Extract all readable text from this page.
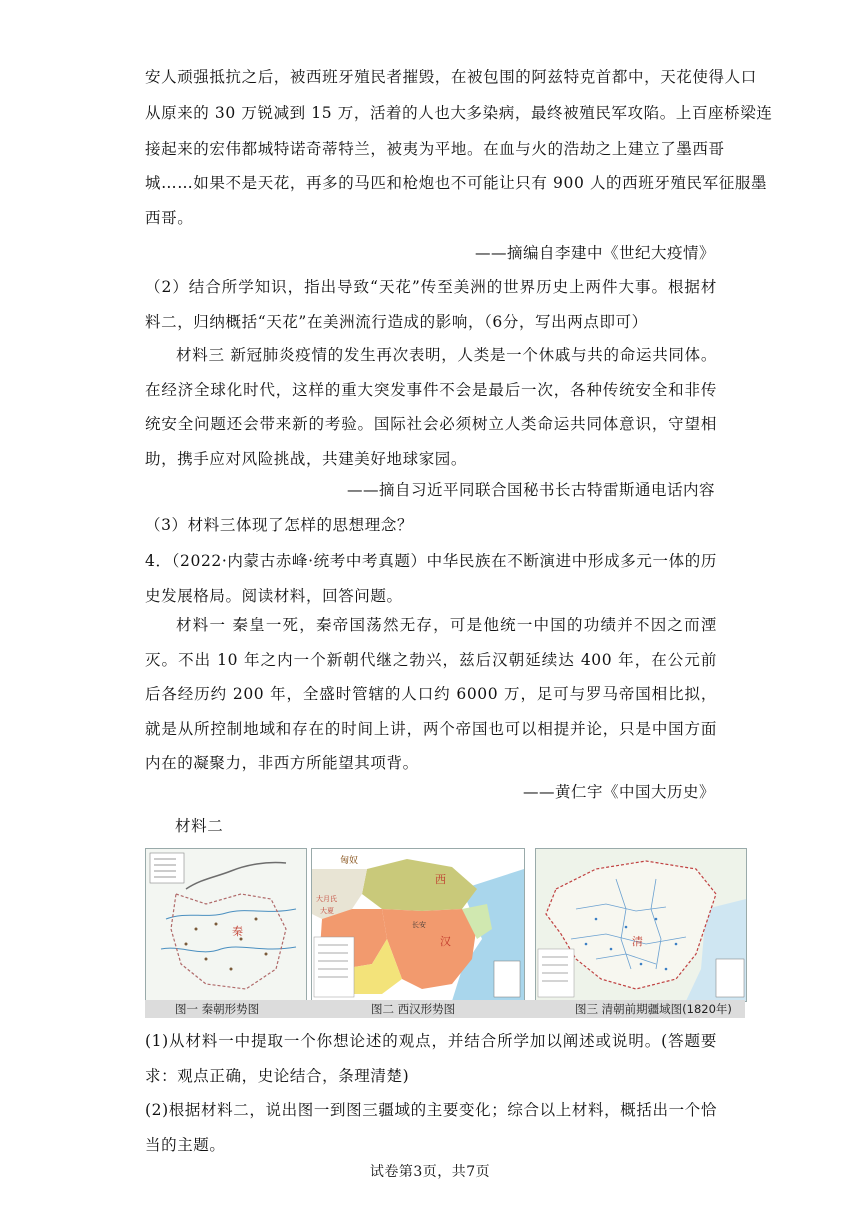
安人顽强抵抗之后，被西班牙殖民者摧毁，在被包围的阿兹特克首都中，天花使得人口
从原来的 30 万锐减到 15 万，活着的人也大多染病，最终被殖民军攻陷。上百座桥梁连
接起来的宏伟都城特诺奇蒂特兰，被夷为平地。在血与火的浩劫之上建立了墨西哥
城……如果不是天花，再多的马匹和枪炮也不可能让只有 900 人的西班牙殖民军征服墨
西哥。
——摘编自李建中《世纪大疫情》
（2）结合所学知识，指出导致“天花”传至美洲的世界历史上两件大事。根据材料二，归纳概括“天花”在美洲流行造成的影响，（6分，写出两点即可）
材料三 新冠肺炎疫情的发生再次表明，人类是一个休戚与共的命运共同体。在经济全球化时代，这样的重大突发事件不会是最后一次，各种传统安全和非传统安全问题还会带来新的考验。国际社会必须树立人类命运共同体意识，守望相助，携手应对风险挑战，共建美好地球家园。
——摘自习近平同联合国秘书长古特雷斯通电话内容
（3）材料三体现了怎样的思想理念？
4．（2022·内蒙古赤峰·统考中考真题）中华民族在不断演进中形成多元一体的历史发展格局。阅读材料，回答问题。
材料一 秦皇一死，秦帝国荡然无存，可是他统一中国的功绩并不因之而湮灭。不出 10 年之内一个新朝代继之勃兴，兹后汉朝延续达 400 年，在公元前后各经历约 200 年，全盛时管辖的人口约 6000 万，足可与罗马帝国相比拟，就是从所控制地域和存在的时间上讲，两个帝国也可以相提并论，只是中国方面内在的凝聚力，非西方所能望其项背。
——黄仁宇《中国大历史》
材料二
秦
匈奴
西
汉
长安
大月氏
大夏
清
图一 秦朝形势图	图二 西汉形势图	图三 清朝前期疆域图(1820年)
(1)从材料一中提取一个你想论述的观点，并结合所学加以阐述或说明。(答题要求：观点正确，史论结合，条理清楚)
(2)根据材料二，说出图一到图三疆域的主要变化；综合以上材料，概括出一个恰当的主题。
试卷第3页，共7页
